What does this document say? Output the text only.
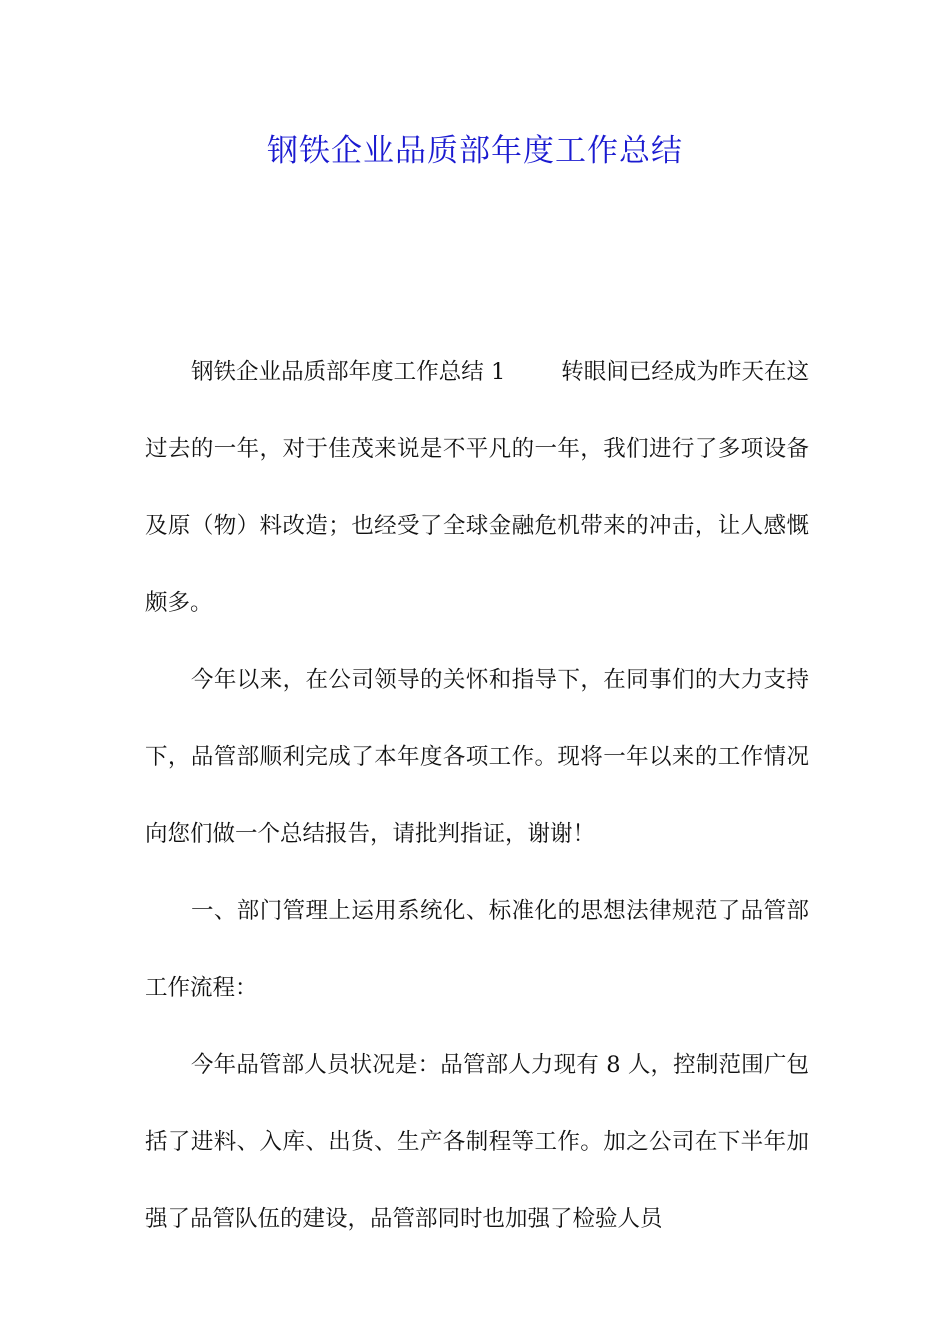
钢铁企业品质部年度工作总结

钢铁企业品质部年度工作总结 1 转眼间已经成为昨天在这过去的一年，对于佳茂来说是不平凡的一年，我们进行了多项设备及原（物）料改造；也经受了全球金融危机带来的冲击，让人感慨颇多。

今年以来，在公司领导的关怀和指导下，在同事们的大力支持下，品管部顺利完成了本年度各项工作。现将一年以来的工作情况向您们做一个总结报告，请批判指证，谢谢！

一、部门管理上运用系统化、标准化的思想法律规范了品管部工作流程：

今年品管部人员状况是：品管部人力现有 8 人，控制范围广包括了进料、入库、出货、生产各制程等工作。加之公司在下半年加强了品管队伍的建设，品管部同时也加强了检验人员
